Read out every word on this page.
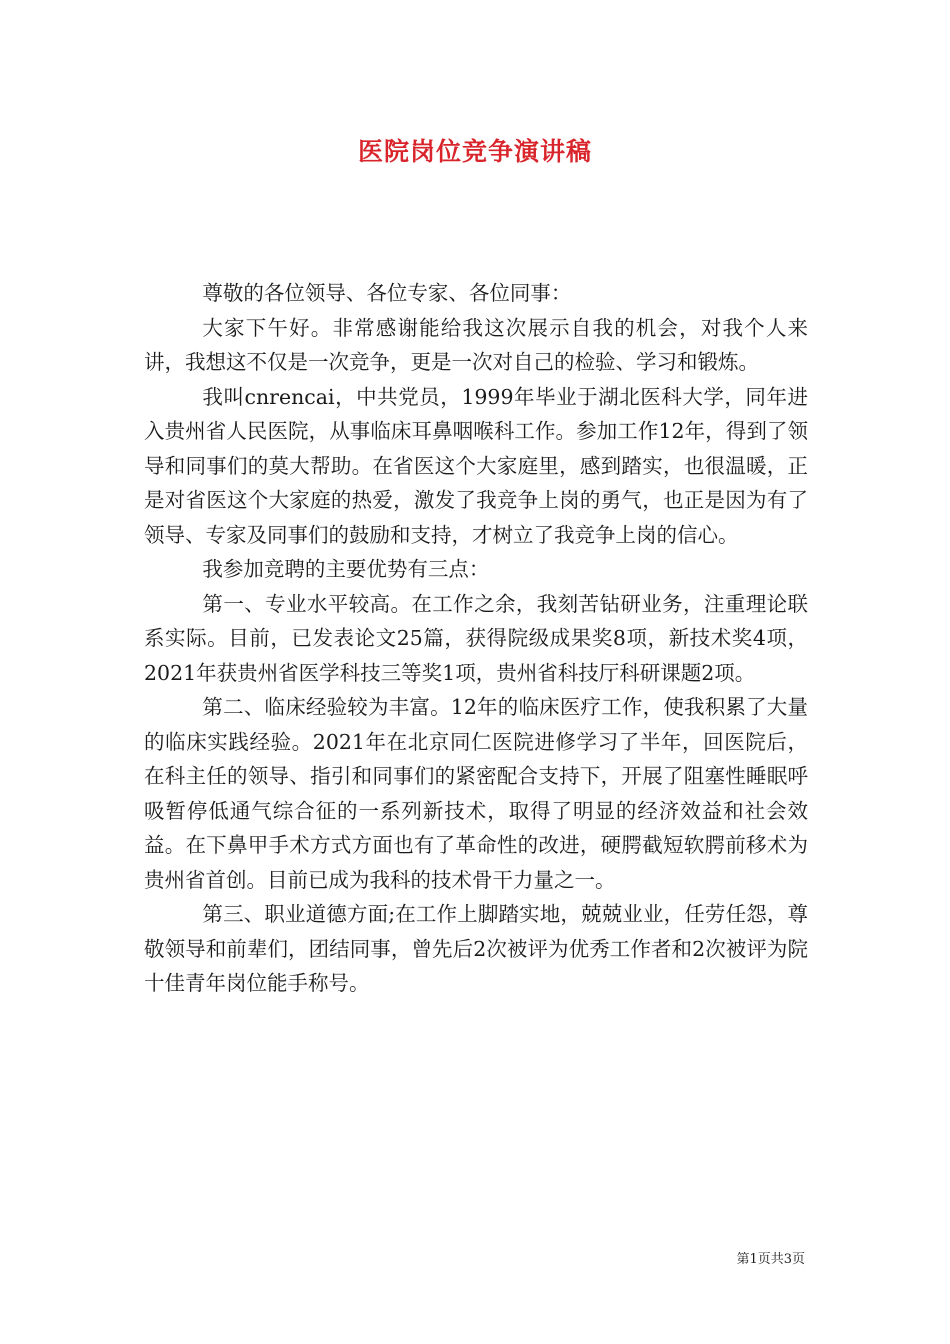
医院岗位竞争演讲稿

尊敬的各位领导、各位专家、各位同事：

大家下午好。非常感谢能给我这次展示自我的机会，对我个人来讲，我想这不仅是一次竞争，更是一次对自己的检验、学习和锻炼。

我叫cnrencai，中共党员，1999年毕业于湖北医科大学，同年进入贵州省人民医院，从事临床耳鼻咽喉科工作。参加工作12年，得到了领导和同事们的莫大帮助。在省医这个大家庭里，感到踏实，也很温暖，正是对省医这个大家庭的热爱，激发了我竞争上岗的勇气，也正是因为有了领导、专家及同事们的鼓励和支持，才树立了我竞争上岗的信心。

我参加竞聘的主要优势有三点：

第一、专业水平较高。在工作之余，我刻苦钻研业务，注重理论联系实际。目前，已发表论文25篇，获得院级成果奖8项，新技术奖4项，2021年获贵州省医学科技三等奖1项，贵州省科技厅科研课题2项。

第二、临床经验较为丰富。12年的临床医疗工作，使我积累了大量的临床实践经验。2021年在北京同仁医院进修学习了半年，回医院后，在科主任的领导、指引和同事们的紧密配合支持下，开展了阻塞性睡眠呼吸暂停低通气综合征的一系列新技术，取得了明显的经济效益和社会效益。在下鼻甲手术方式方面也有了革命性的改进，硬腭截短软腭前移术为贵州省首创。目前已成为我科的技术骨干力量之一。

第三、职业道德方面;在工作上脚踏实地，兢兢业业，任劳任怨，尊敬领导和前辈们，团结同事，曾先后2次被评为优秀工作者和2次被评为院十佳青年岗位能手称号。

第1页共3页
